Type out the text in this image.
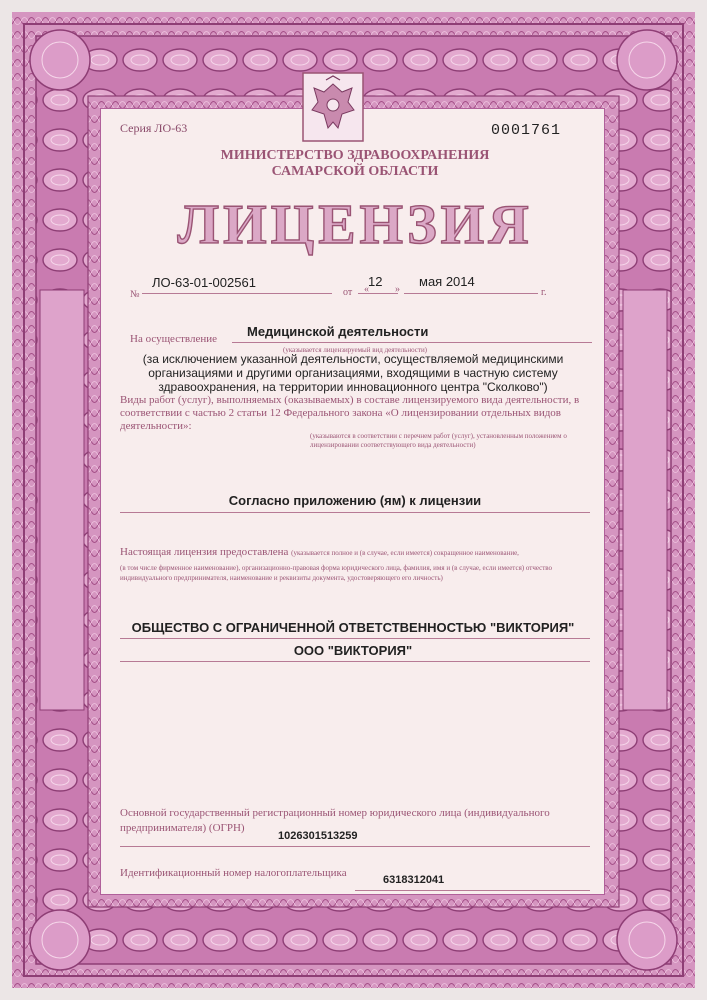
Серия ЛО-63	0001761
МИНИСТЕРСТВО ЗДРАВООХРАНЕНИЯ
САМАРСКОЙ ОБЛАСТИ
ЛИЦЕНЗИЯ
№
ЛО-63-01-002561
от «
12
»
мая 2014
г.
На осуществление Медицинской деятельности
(указывается лицензируемый вид деятельности)
(за исключением указанной деятельности, осуществляемой медицинскими организациями и другими организациями, входящими в частную систему здравоохранения, на территории инновационного центра "Сколково")
Виды работ (услуг), выполняемых (оказываемых) в составе лицензируемого вида деятельности, в соответствии с частью 2 статьи 12 Федерального закона «О лицензировании отдельных видов деятельности»:
(указываются в соответствии с перечнем работ (услуг), установленным положением о лицензировании соответствующего вида деятельности)
Согласно приложению (ям) к лицензии
Настоящая лицензия предоставлена (указывается полное и (в случае, если имеется) сокращенное наименование,
(в том числе фирменное наименование), организационно-правовая форма юридического лица, фамилия, имя и (в случае, если имеется) отчество индивидуального предпринимателя, наименование и реквизиты документа, удостоверяющего его личность)
ОБЩЕСТВО С ОГРАНИЧЕННОЙ ОТВЕТСТВЕННОСТЬЮ "ВИКТОРИЯ"
ООО "ВИКТОРИЯ"
Основной государственный регистрационный номер юридического лица (индивидуального предпринимателя) (ОГРН)
1026301513259
Идентификационный номер налогоплательщика
6318312041
